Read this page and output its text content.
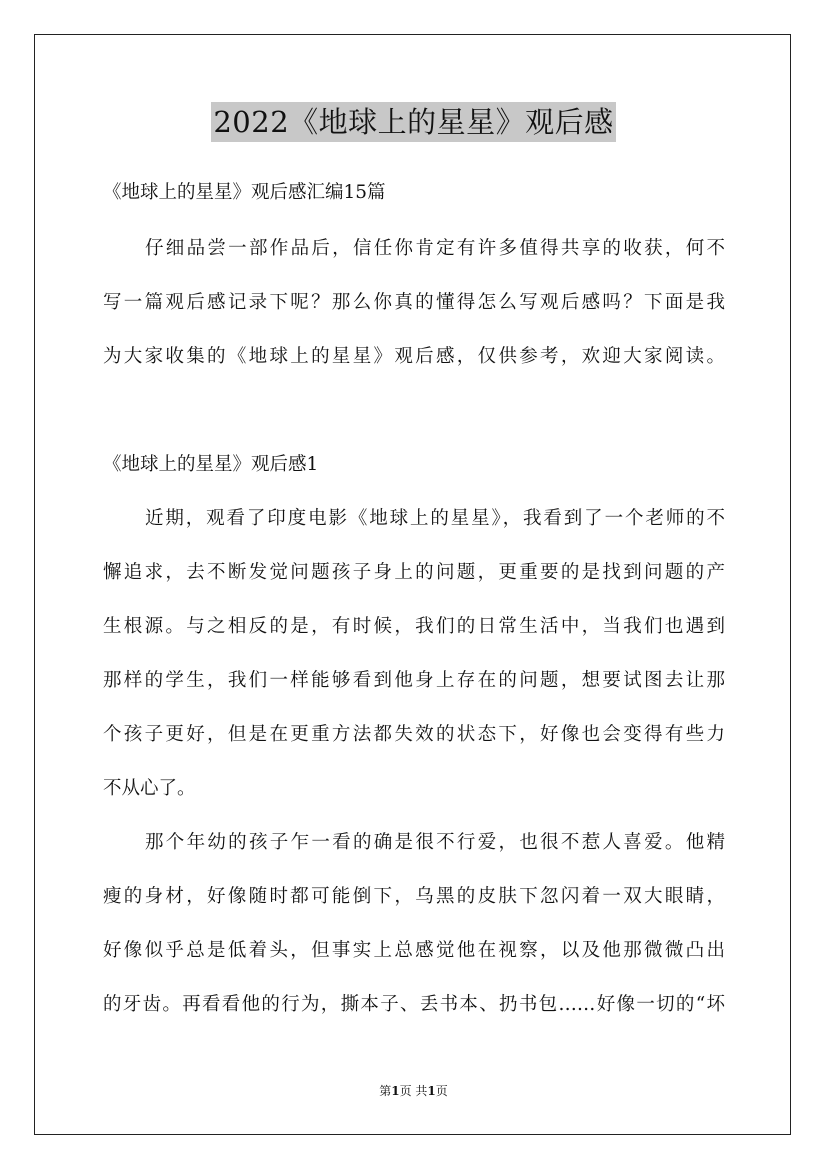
2022《地球上的星星》观后感
《地球上的星星》观后感汇编15篇
仔细品尝一部作品后，信任你肯定有许多值得共享的收获，何不
写一篇观后感记录下呢？那么你真的懂得怎么写观后感吗？下面是我
为大家收集的《地球上的星星》观后感，仅供参考，欢迎大家阅读。
《地球上的星星》观后感1
近期，观看了印度电影《地球上的星星》，我看到了一个老师的不
懈追求，去不断发觉问题孩子身上的问题，更重要的是找到问题的产
生根源。与之相反的是，有时候，我们的日常生活中，当我们也遇到
那样的学生，我们一样能够看到他身上存在的问题，想要试图去让那
个孩子更好，但是在更重方法都失效的状态下，好像也会变得有些力
不从心了。
那个年幼的孩子乍一看的确是很不行爱，也很不惹人喜爱。他精
瘦的身材，好像随时都可能倒下，乌黑的皮肤下忽闪着一双大眼睛，
好像似乎总是低着头，但事实上总感觉他在视察，以及他那微微凸出
的牙齿。再看看他的行为，撕本子、丢书本、扔书包……好像一切的“坏
第1页 共1页
